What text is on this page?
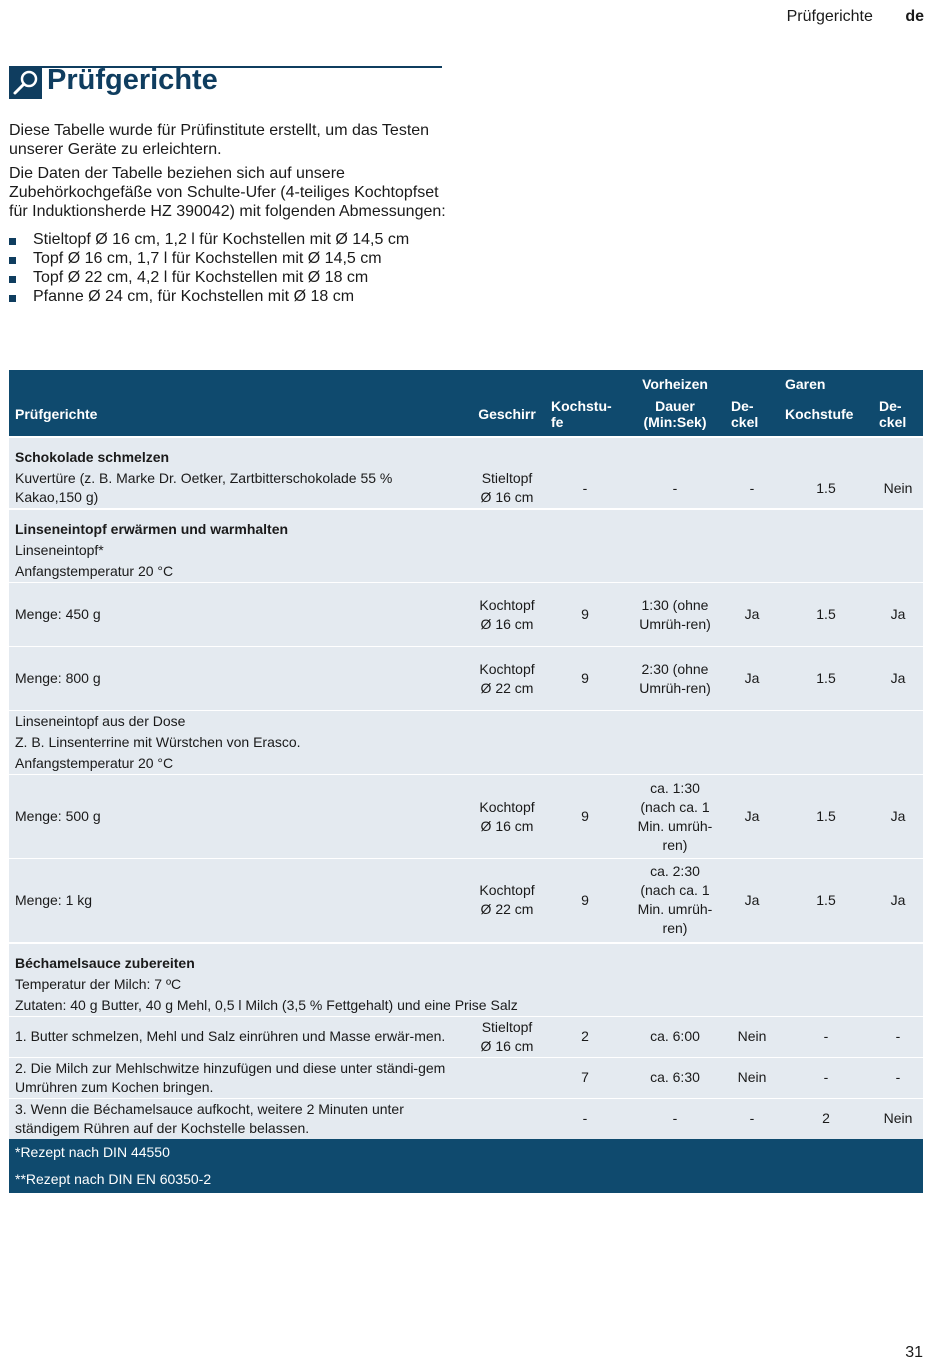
Prüfgerichte de
Prüfgerichte

Diese Tabelle wurde für Prüfinstitute erstellt, um das Testen unserer Geräte zu erleichtern.

Die Daten der Tabelle beziehen sich auf unsere Zubehörkochgefäße von Schulte-Ufer (4-teiliges Kochtopfset für Induktionsherde HZ 390042) mit folgenden Abmessungen:

Stieltopf Ø 16 cm, 1,2 l für Kochstellen mit Ø 14,5 cm
Topf Ø 16 cm, 1,7 l für Kochstellen mit Ø 14,5 cm
Topf Ø 22 cm, 4,2 l für Kochstellen mit Ø 18 cm
Pfanne Ø 24 cm, für Kochstellen mit Ø 18 cm
			Vorheizen		Garen	
Prüfgerichte	Geschirr	Kochstu-fe	Dauer (Min:Sek)	De-ckel	Kochstufe	De-ckel
Schokolade schmelzen						
Kuvertüre (z. B. Marke Dr. Oetker, Zartbitterschokolade 55 % Kakao,150 g)	Stieltopf Ø 16 cm	-	-	-	1.5	Nein
Linseneintopf erwärmen und warmhalten						
Linseneintopf*						
Anfangstemperatur 20 °C						
Menge: 450 g	Kochtopf Ø 16 cm	9	1:30 (ohne Umrüh-ren)	Ja	1.5	Ja
Menge: 800 g	Kochtopf Ø 22 cm	9	2:30 (ohne Umrüh-ren)	Ja	1.5	Ja
Linseneintopf aus der Dose						
Z. B. Linsenterrine mit Würstchen von Erasco.						
Anfangstemperatur 20 °C						
Menge: 500 g	Kochtopf Ø 16 cm	9	ca. 1:30 (nach ca. 1 Min. umrüh-ren)	Ja	1.5	Ja
Menge: 1 kg	Kochtopf Ø 22 cm	9	ca. 2:30 (nach ca. 1 Min. umrüh-ren)	Ja	1.5	Ja
Béchamelsauce zubereiten						
Temperatur der Milch: 7 ºC						
Zutaten: 40 g Butter, 40 g Mehl, 0,5 l Milch (3,5 % Fettgehalt) und eine Prise Salz						
1. Butter schmelzen, Mehl und Salz einrühren und Masse erwär-men.	Stieltopf Ø 16 cm	2	ca. 6:00	Nein	-	-
2. Die Milch zur Mehlschwitze hinzufügen und diese unter ständi-gem Umrühren zum Kochen bringen.		7	ca. 6:30	Nein	-	-
3. Wenn die Béchamelsauce aufkocht, weitere 2 Minuten unter ständigem Rühren auf der Kochstelle belassen.		-	-	-	2	Nein
*Rezept nach DIN 44550						
**Rezept nach DIN EN 60350-2						
31
